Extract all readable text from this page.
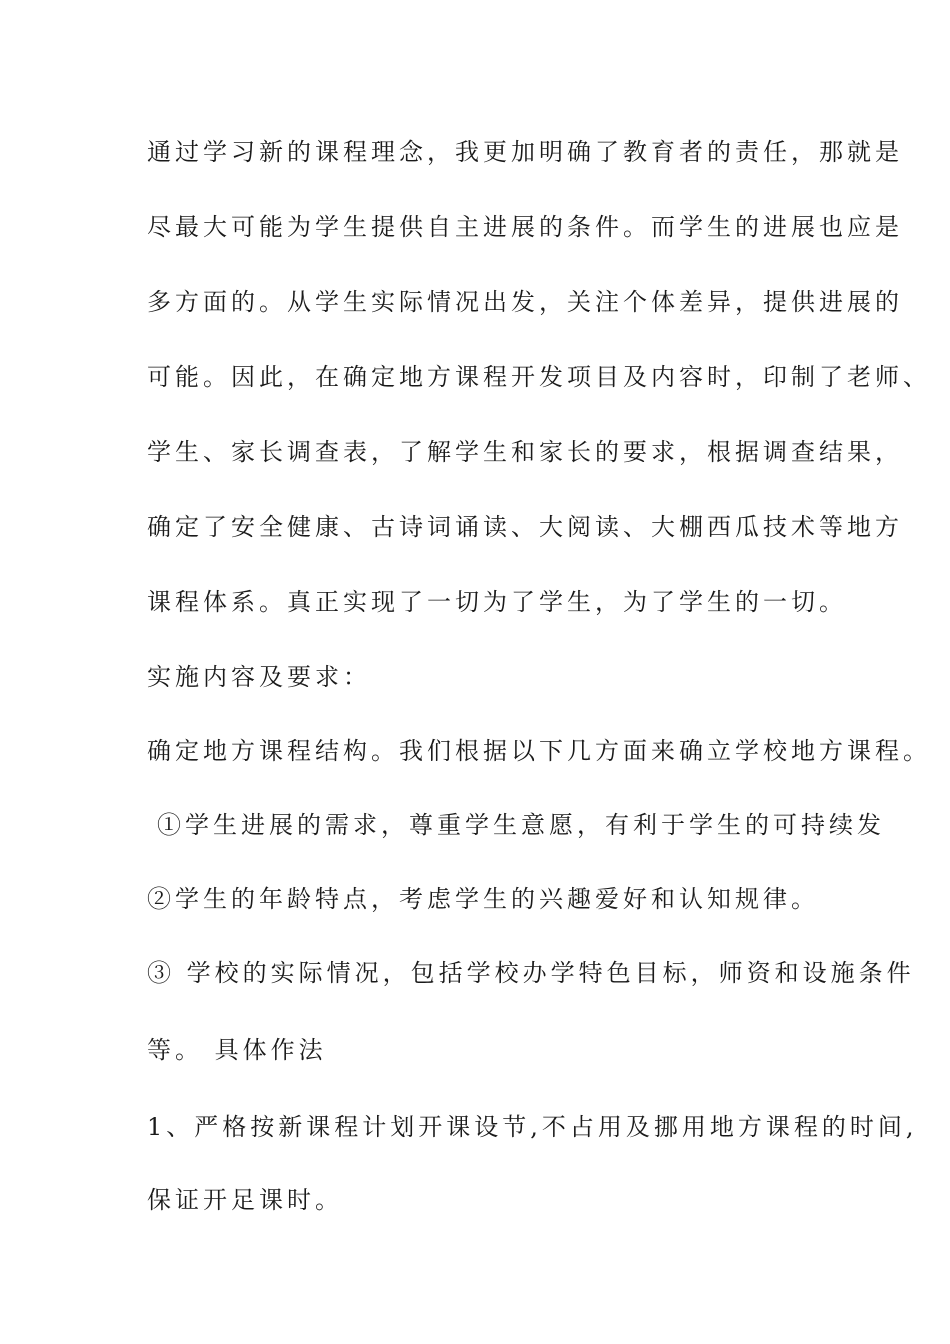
通过学习新的课程理念，我更加明确了教育者的责任，那就是
尽最大可能为学生提供自主进展的条件。而学生的进展也应是
多方面的。从学生实际情况出发，关注个体差异，提供进展的
可能。因此，在确定地方课程开发项目及内容时，印制了老师、
学生、家长调查表，了解学生和家长的要求，根据调查结果，
确定了安全健康、古诗词诵读、大阅读、大棚西瓜技术等地方
课程体系。真正实现了一切为了学生，为了学生的一切。
实施内容及要求：
确定地方课程结构。我们根据以下几方面来确立学校地方课程。
①学生进展的需求，尊重学生意愿，有利于学生的可持续发
②学生的年龄特点，考虑学生的兴趣爱好和认知规律。
③ 学校的实际情况，包括学校办学特色目标，师资和设施条件
等。 具体作法
1、严格按新课程计划开课设节,不占用及挪用地方课程的时间,
保证开足课时。
